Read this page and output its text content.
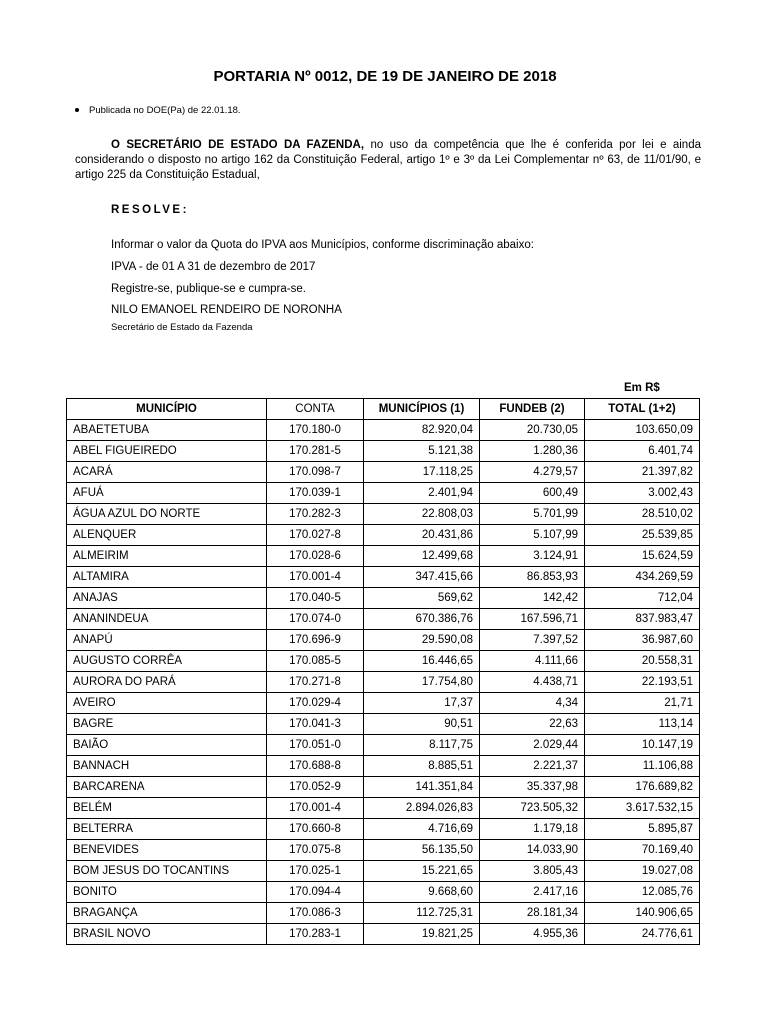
PORTARIA Nº 0012, DE 19 DE JANEIRO DE 2018
Publicada no DOE(Pa) de 22.01.18.
O SECRETÁRIO DE ESTADO DA FAZENDA, no uso da competência que lhe é conferida por lei e ainda considerando o disposto no artigo 162 da Constituição Federal, artigo 1º e 3º da Lei Complementar nº 63, de 11/01/90, e artigo 225 da Constituição Estadual,
RESOLVE:
Informar o valor da Quota do IPVA aos Municípios, conforme discriminação abaixo:
IPVA - de 01 A 31 de dezembro de 2017
Registre-se, publique-se e cumpra-se.
NILO EMANOEL RENDEIRO DE NORONHA
Secretário de Estado da Fazenda
Em R$
MUNICÍPIO	CONTA	MUNICÍPIOS (1)	FUNDEB (2)	TOTAL (1+2)
ABAETETUBA	170.180-0	82.920,04	20.730,05	103.650,09
ABEL FIGUEIREDO	170.281-5	5.121,38	1.280,36	6.401,74
ACARÁ	170.098-7	17.118,25	4.279,57	21.397,82
AFUÁ	170.039-1	2.401,94	600,49	3.002,43
ÁGUA AZUL DO NORTE	170.282-3	22.808,03	5.701,99	28.510,02
ALENQUER	170.027-8	20.431,86	5.107,99	25.539,85
ALMEIRIM	170.028-6	12.499,68	3.124,91	15.624,59
ALTAMIRA	170.001-4	347.415,66	86.853,93	434.269,59
ANAJAS	170.040-5	569,62	142,42	712,04
ANANINDEUA	170.074-0	670.386,76	167.596,71	837.983,47
ANAPÚ	170.696-9	29.590,08	7.397,52	36.987,60
AUGUSTO CORRÊA	170.085-5	16.446,65	4.111,66	20.558,31
AURORA DO PARÁ	170.271-8	17.754,80	4.438,71	22.193,51
AVEIRO	170.029-4	17,37	4,34	21,71
BAGRE	170.041-3	90,51	22,63	113,14
BAIÃO	170.051-0	8.117,75	2.029,44	10.147,19
BANNACH	170.688-8	8.885,51	2.221,37	11.106,88
BARCARENA	170.052-9	141.351,84	35.337,98	176.689,82
BELÉM	170.001-4	2.894.026,83	723.505,32	3.617.532,15
BELTERRA	170.660-8	4.716,69	1.179,18	5.895,87
BENEVIDES	170.075-8	56.135,50	14.033,90	70.169,40
BOM JESUS DO TOCANTINS	170.025-1	15.221,65	3.805,43	19.027,08
BONITO	170.094-4	9.668,60	2.417,16	12.085,76
BRAGANÇA	170.086-3	112.725,31	28.181,34	140.906,65
BRASIL NOVO	170.283-1	19.821,25	4.955,36	24.776,61
